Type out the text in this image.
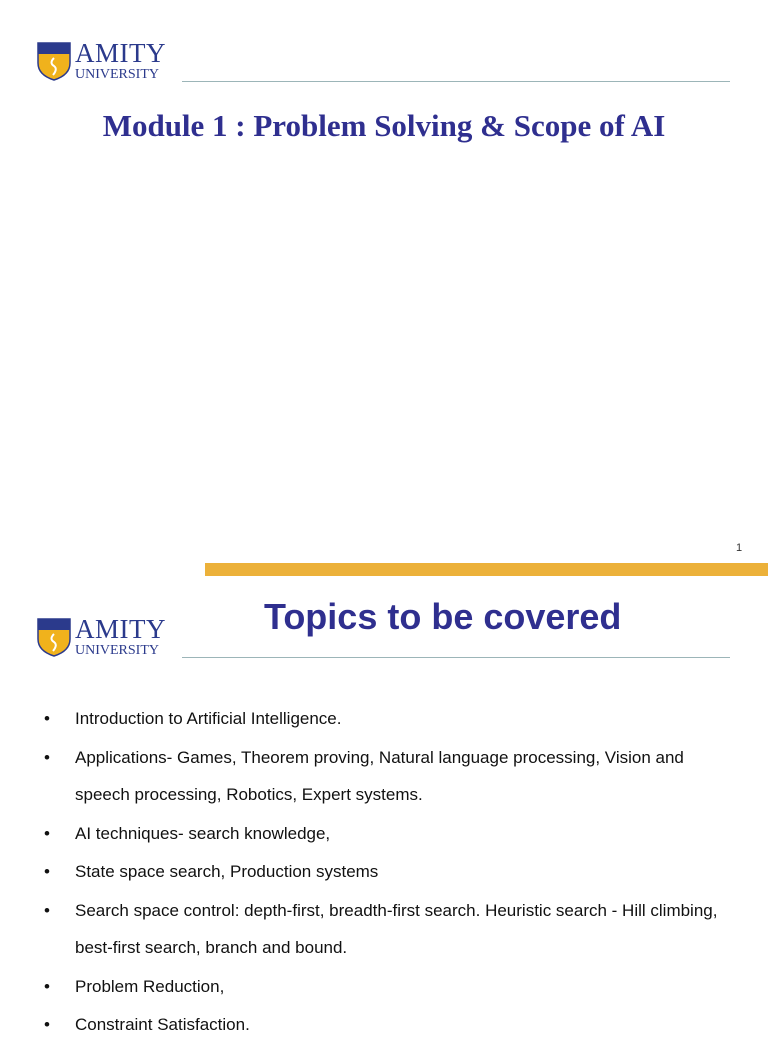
AMITY
UNIVERSITY
Module 1 : Problem Solving & Scope of AI
1
AMITY
UNIVERSITY
Topics to be covered
• Introduction to Artificial Intelligence.
• Applications- Games, Theorem proving, Natural language processing, Vision and speech processing, Robotics, Expert systems.
• AI techniques- search knowledge,
• State space search, Production systems
• Search space control: depth-first, breadth-first search. Heuristic search - Hill climbing, best-first search, branch and bound.
• Problem Reduction,
• Constraint Satisfaction.
